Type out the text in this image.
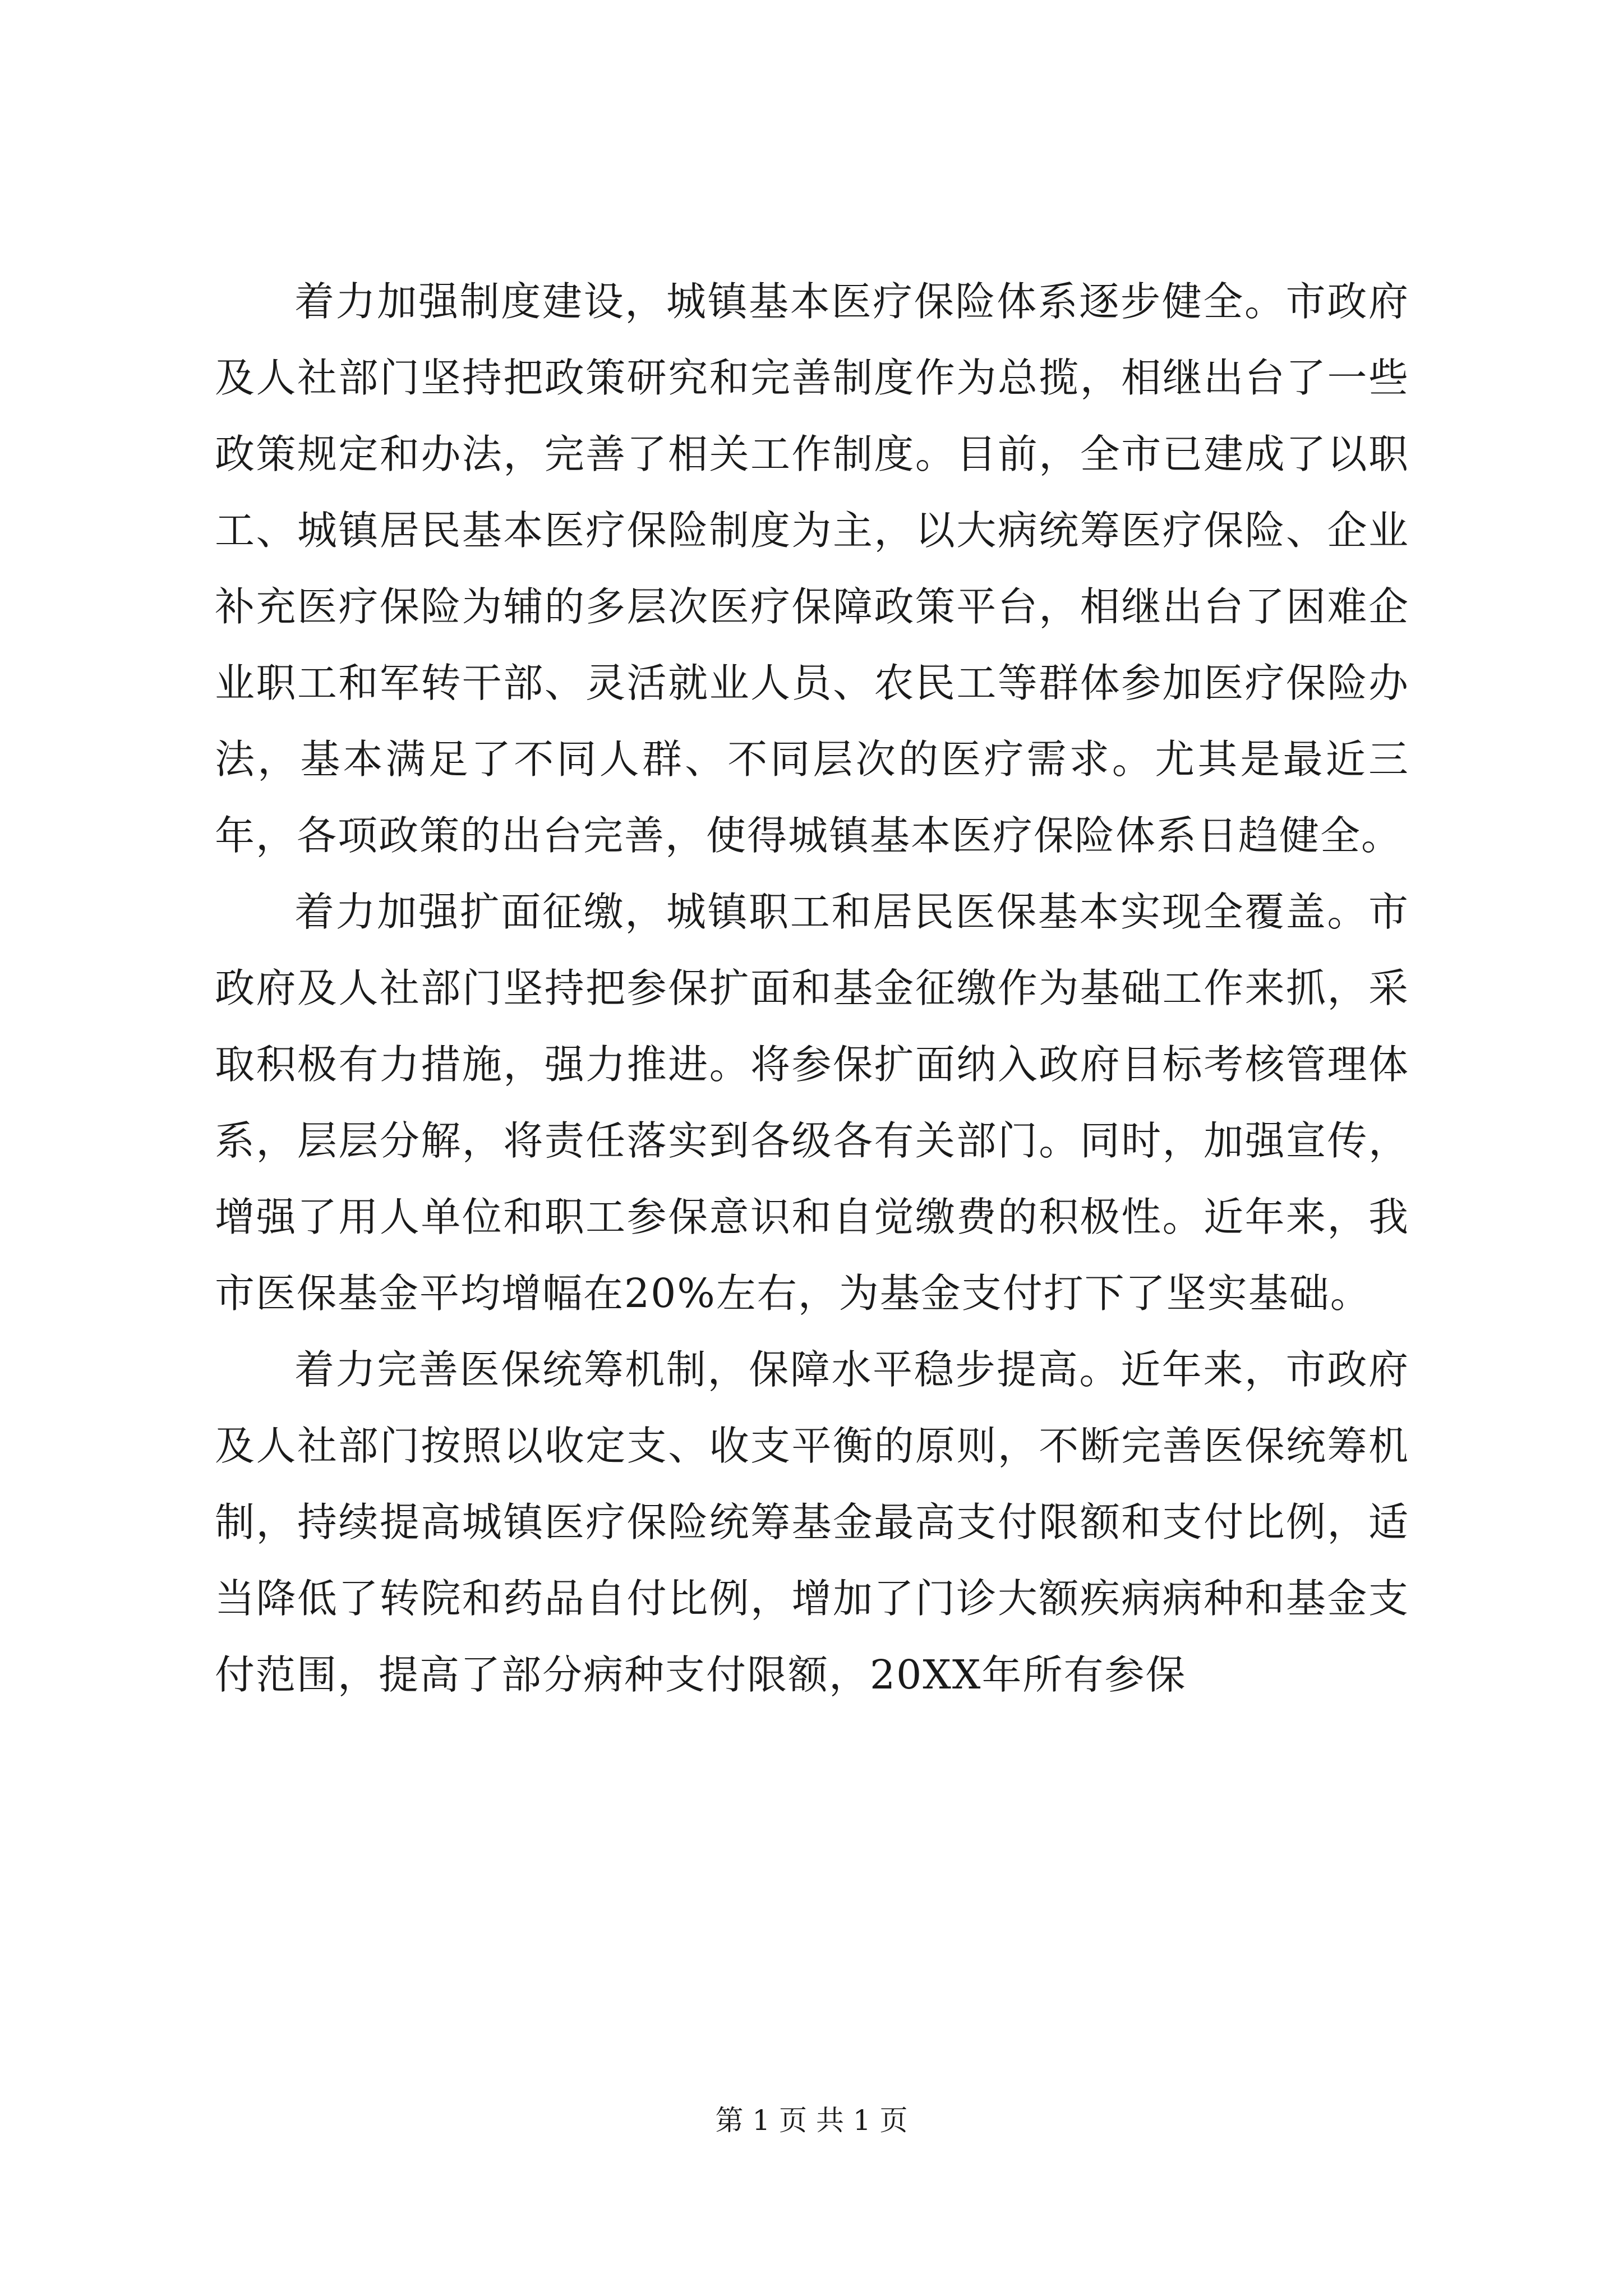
着力加强制度建设，城镇基本医疗保险体系逐步健全。市政府及人社部门坚持把政策研究和完善制度作为总揽，相继出台了一些政策规定和办法，完善了相关工作制度。目前，全市已建成了以职工、城镇居民基本医疗保险制度为主，以大病统筹医疗保险、企业补充医疗保险为辅的多层次医疗保障政策平台，相继出台了困难企业职工和军转干部、灵活就业人员、农民工等群体参加医疗保险办法，基本满足了不同人群、不同层次的医疗需求。尤其是最近三年，各项政策的出台完善，使得城镇基本医疗保险体系日趋健全。

着力加强扩面征缴，城镇职工和居民医保基本实现全覆盖。市政府及人社部门坚持把参保扩面和基金征缴作为基础工作来抓，采取积极有力措施，强力推进。将参保扩面纳入政府目标考核管理体系，层层分解，将责任落实到各级各有关部门。同时，加强宣传，增强了用人单位和职工参保意识和自觉缴费的积极性。近年来，我市医保基金平均增幅在20%左右，为基金支付打下了坚实基础。

着力完善医保统筹机制，保障水平稳步提高。近年来，市政府及人社部门按照以收定支、收支平衡的原则，不断完善医保统筹机制，持续提高城镇医疗保险统筹基金最高支付限额和支付比例，适当降低了转院和药品自付比例，增加了门诊大额疾病病种和基金支付范围，提高了部分病种支付限额，20XX年所有参保

第 1 页 共 1 页
